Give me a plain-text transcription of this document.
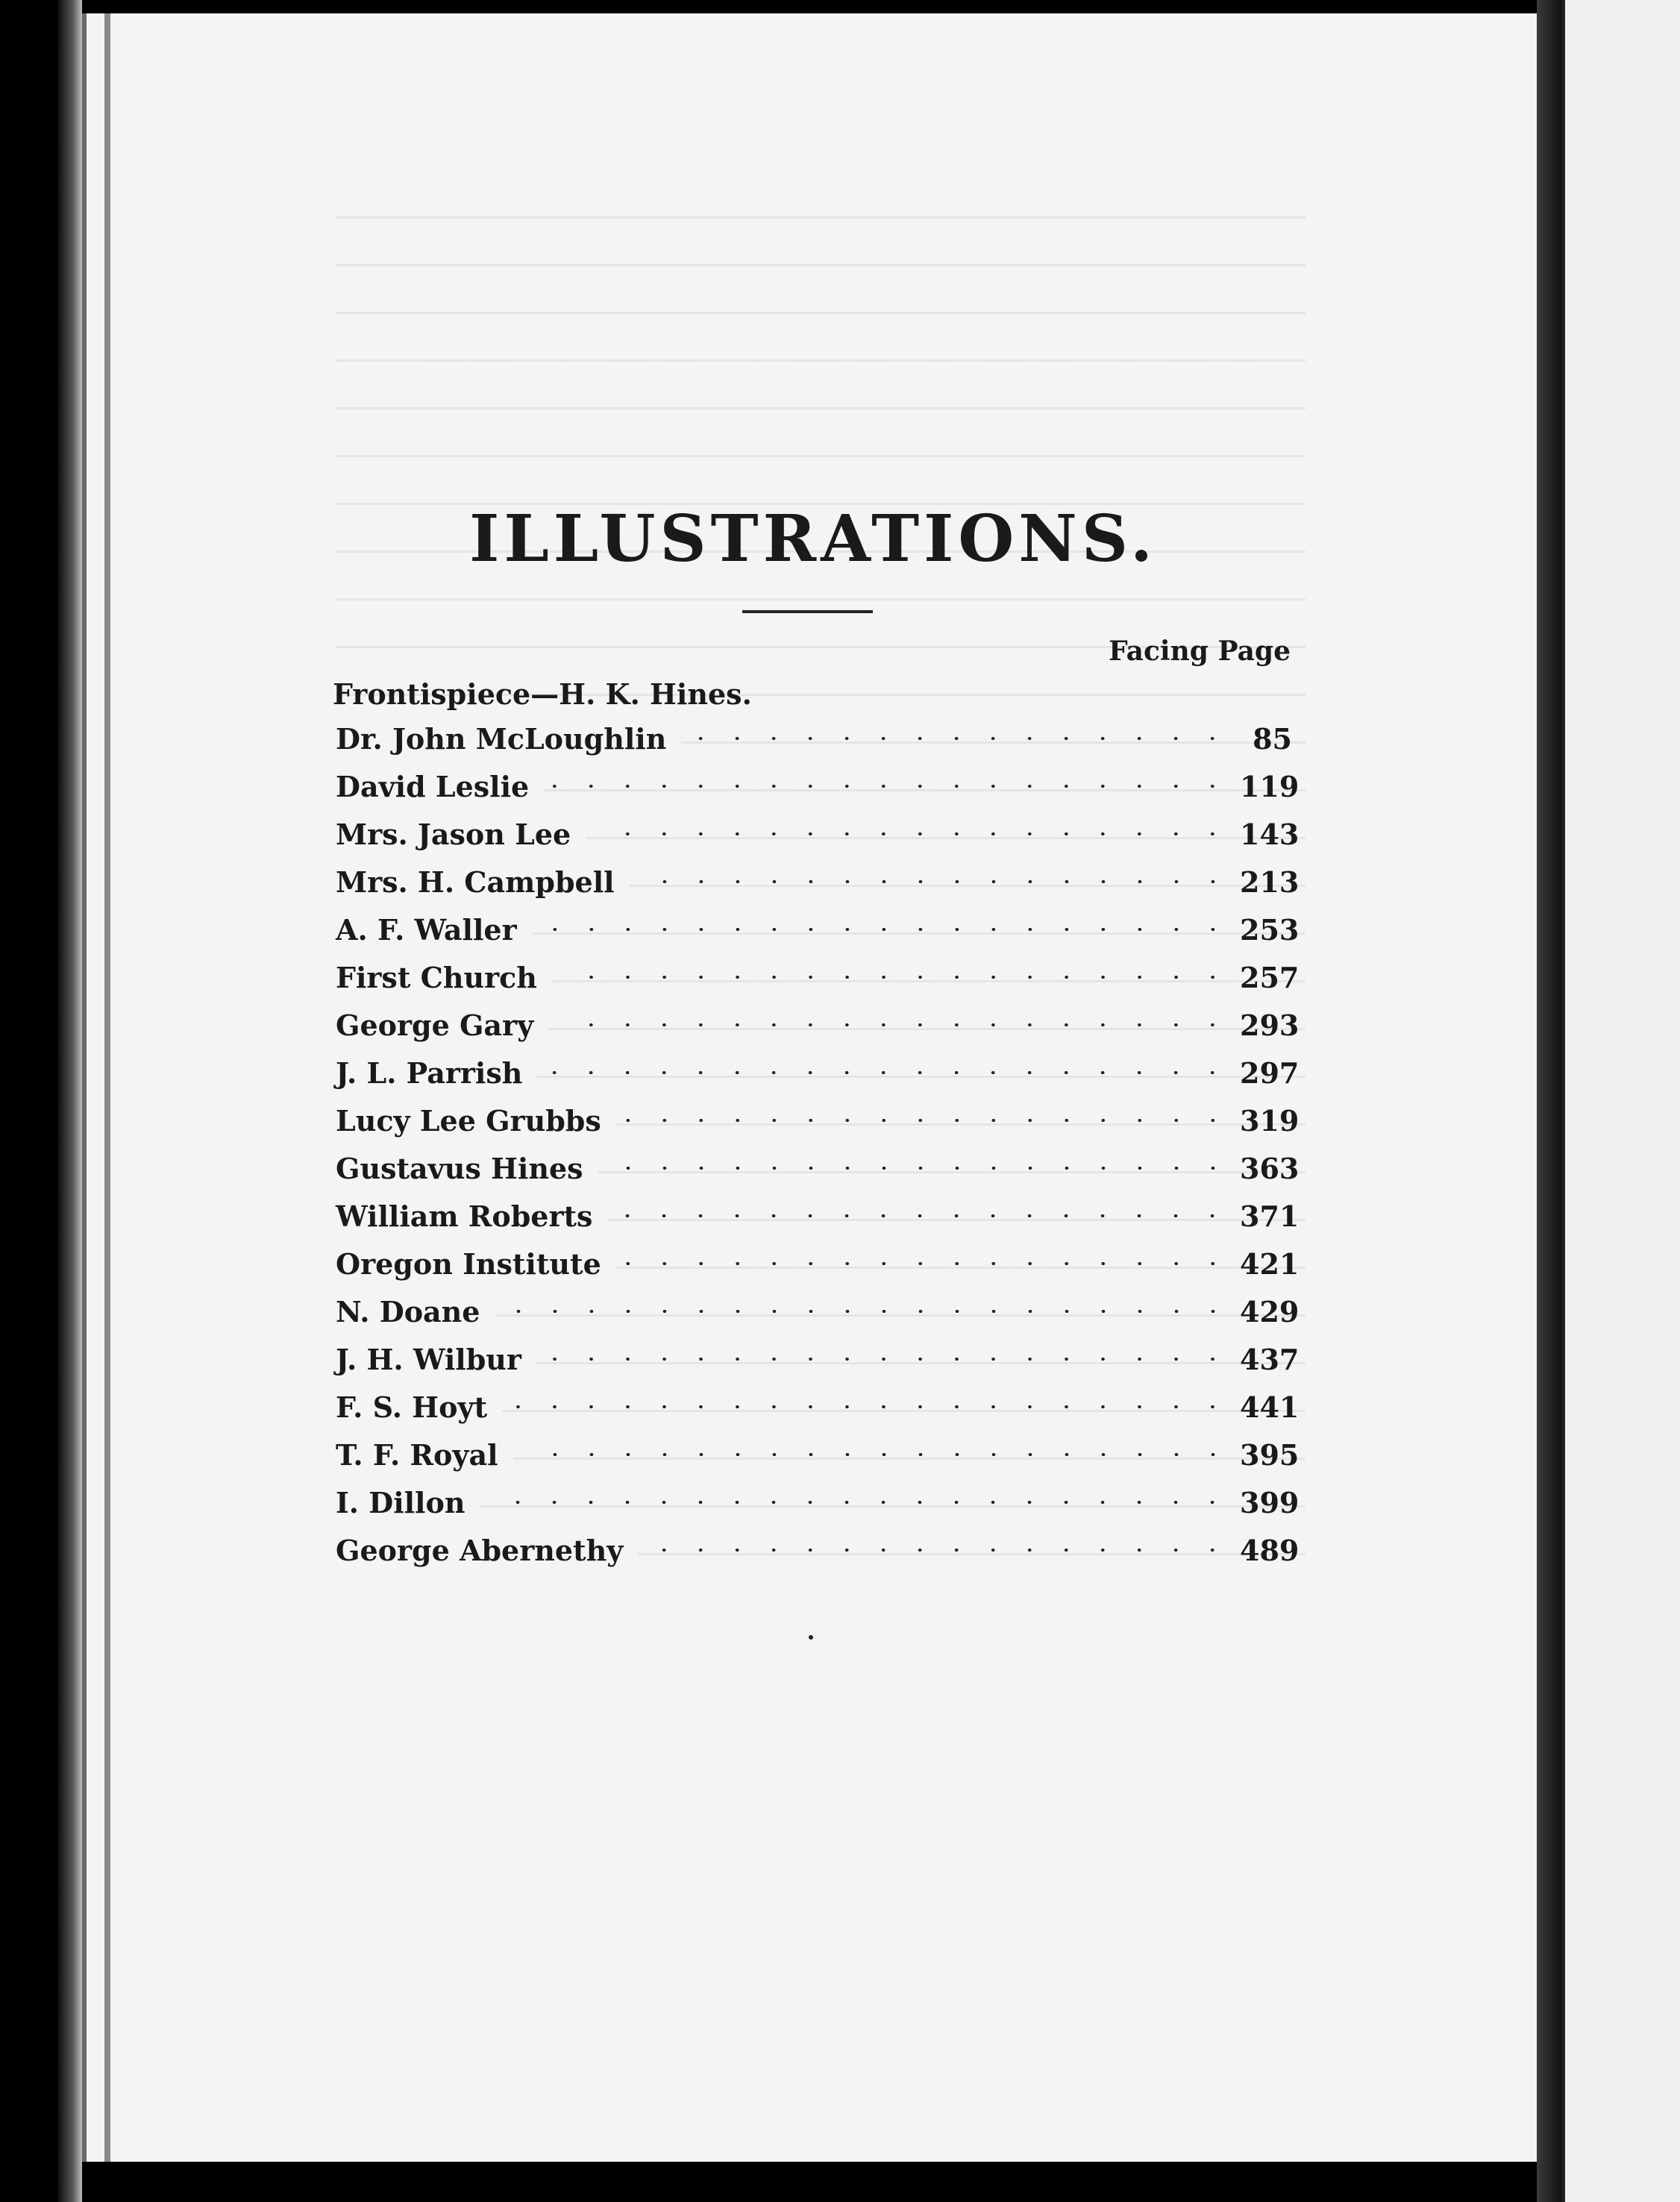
ILLUSTRATIONS.
Facing Page
Frontispiece—H. K. Hines.
Dr. John McLoughlin	85
David Leslie	119
Mrs. Jason Lee	143
Mrs. H. Campbell	213
A. F. Waller	253
First Church	257
George Gary	293
J. L. Parrish	297
Lucy Lee Grubbs	319
Gustavus Hines	363
William Roberts	371
Oregon Institute	421
N. Doane	429
J. H. Wilbur	437
F. S. Hoyt	441
T. F. Royal	395
I. Dillon	399
George Abernethy	489
